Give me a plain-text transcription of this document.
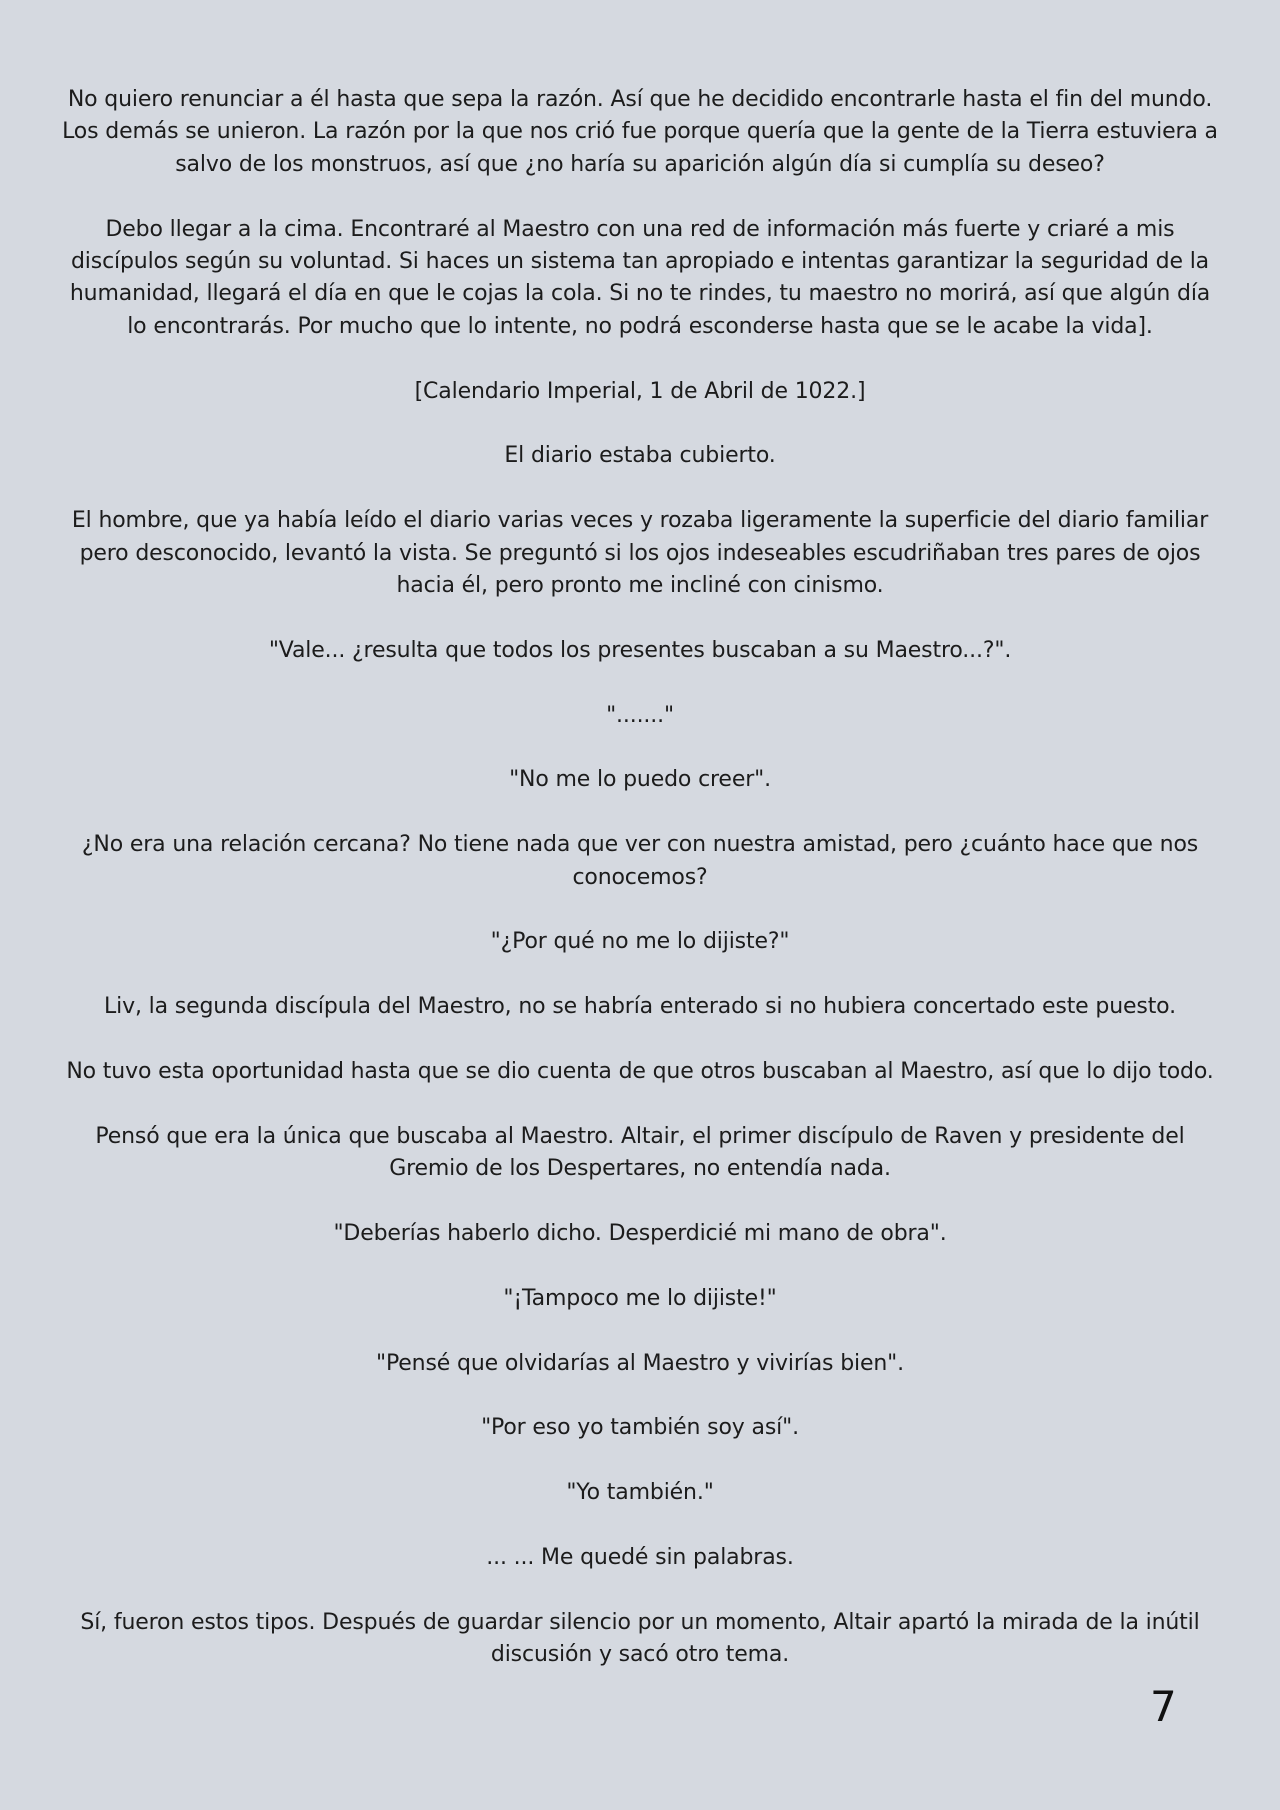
No quiero renunciar a él hasta que sepa la razón. Así que he decidido encontrarle hasta el fin del mundo. Los demás se unieron. La razón por la que nos crió fue porque quería que la gente de la Tierra estuviera a salvo de los monstruos, así que ¿no haría su aparición algún día si cumplía su deseo?

Debo llegar a la cima. Encontraré al Maestro con una red de información más fuerte y criaré a mis discípulos según su voluntad. Si haces un sistema tan apropiado e intentas garantizar la seguridad de la humanidad, llegará el día en que le cojas la cola. Si no te rindes, tu maestro no morirá, así que algún día lo encontrarás. Por mucho que lo intente, no podrá esconderse hasta que se le acabe la vida].

[Calendario Imperial, 1 de Abril de 1022.]

El diario estaba cubierto.

El hombre, que ya había leído el diario varias veces y rozaba ligeramente la superficie del diario familiar pero desconocido, levantó la vista. Se preguntó si los ojos indeseables escudriñaban tres pares de ojos hacia él, pero pronto me incliné con cinismo.

"Vale... ¿resulta que todos los presentes buscaban a su Maestro...?".

"......."

"No me lo puedo creer".

¿No era una relación cercana? No tiene nada que ver con nuestra amistad, pero ¿cuánto hace que nos conocemos?

"¿Por qué no me lo dijiste?"

Liv, la segunda discípula del Maestro, no se habría enterado si no hubiera concertado este puesto.

No tuvo esta oportunidad hasta que se dio cuenta de que otros buscaban al Maestro, así que lo dijo todo.

Pensó que era la única que buscaba al Maestro. Altair, el primer discípulo de Raven y presidente del Gremio de los Despertares, no entendía nada.

"Deberías haberlo dicho. Desperdicié mi mano de obra".

"¡Tampoco me lo dijiste!"

"Pensé que olvidarías al Maestro y vivirías bien".

"Por eso yo también soy así".

"Yo también."

... ... Me quedé sin palabras.

Sí, fueron estos tipos. Después de guardar silencio por un momento, Altair apartó la mirada de la inútil discusión y sacó otro tema.

7
